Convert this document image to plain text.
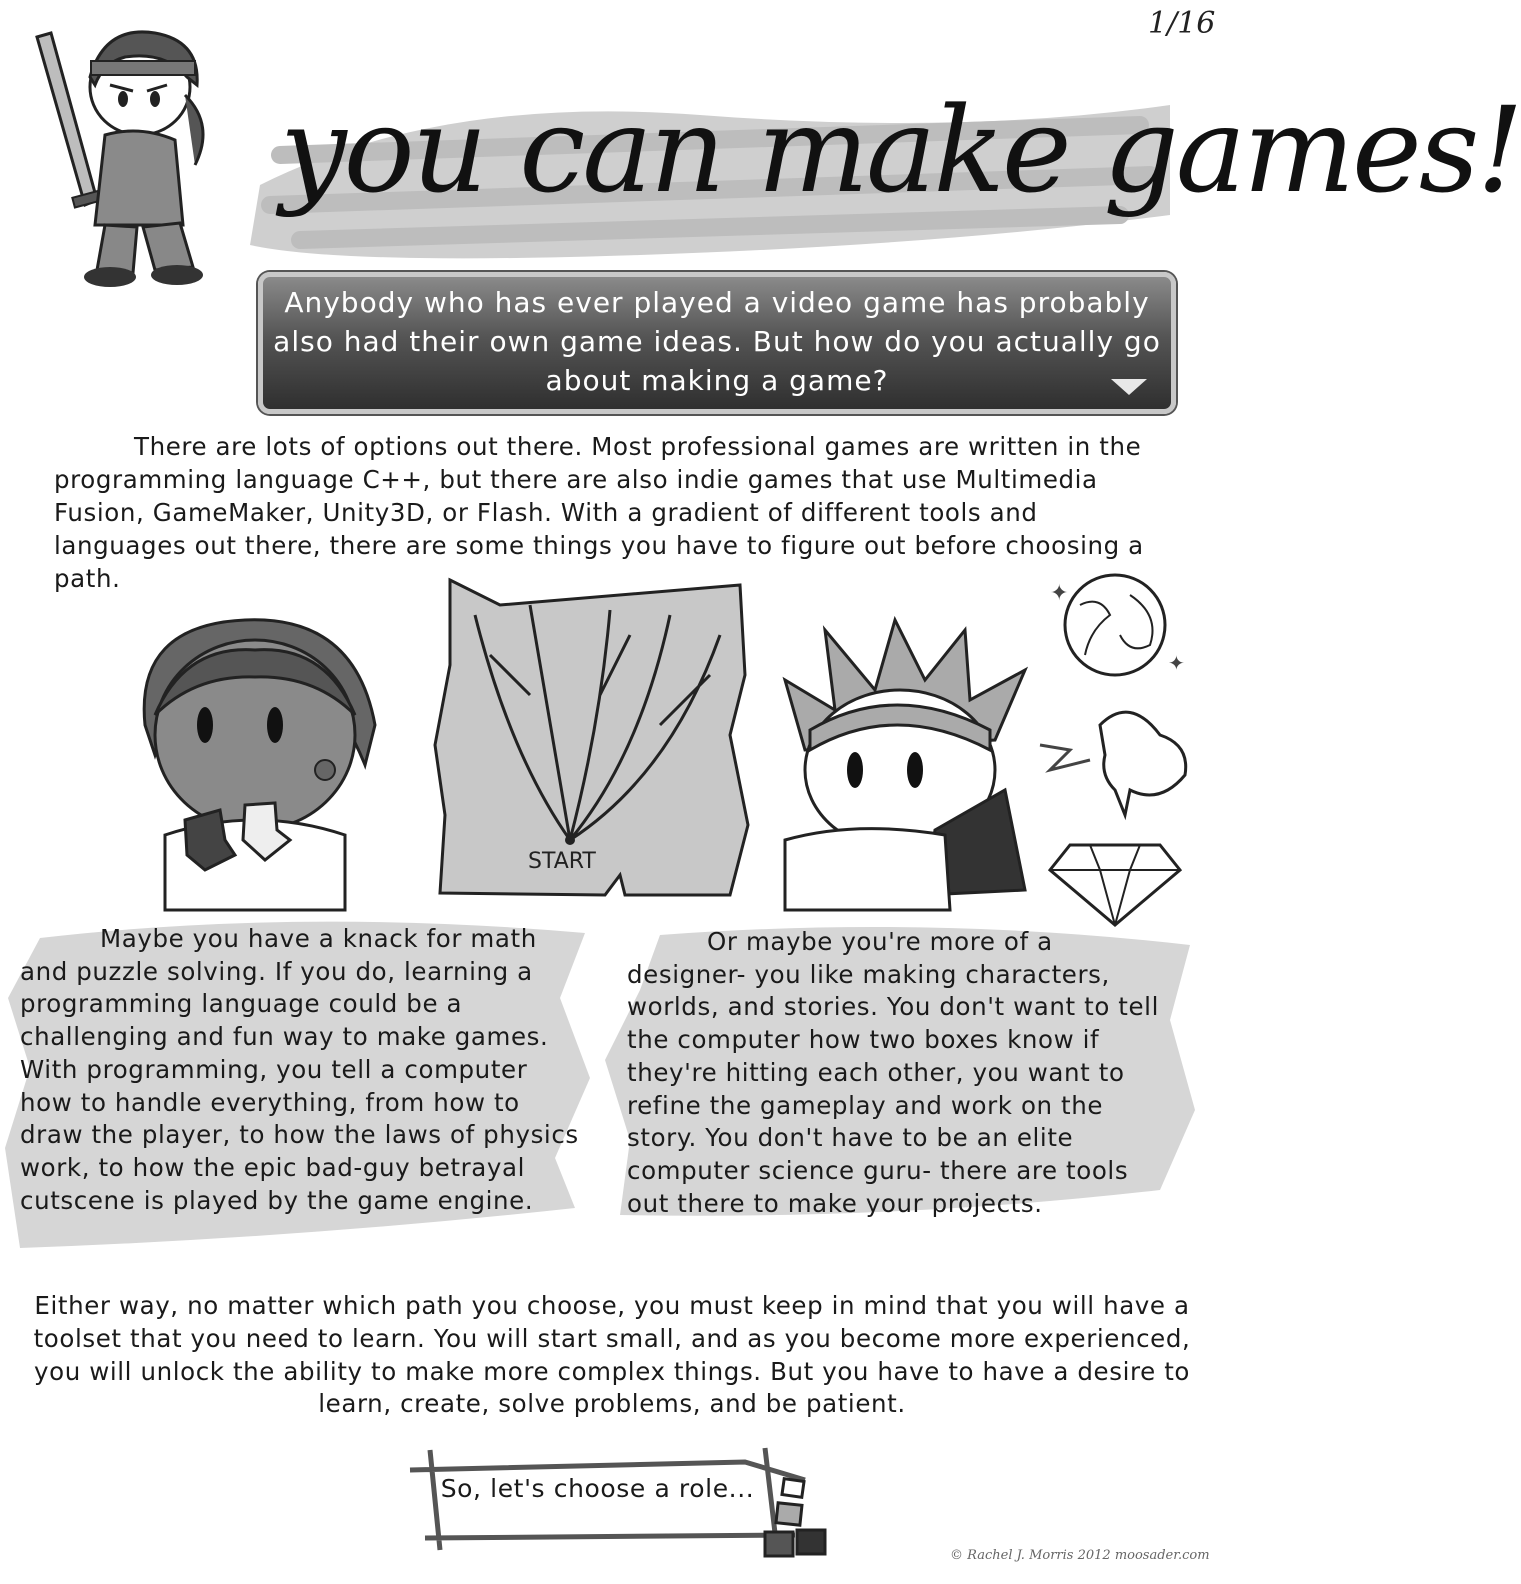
1/16
you can make games!
Anybody who has ever played a video game has probably also had their own game ideas. But how do you actually go about making a game?
There are lots of options out there. Most professional games are written in the programming language C++, but there are also indie games that use Multimedia Fusion, GameMaker, Unity3D, or Flash. With a gradient of different tools and languages out there, there are some things you have to figure out before choosing a path.
START
✦
✦
Maybe you have a knack for math and puzzle solving. If you do, learning a programming language could be a challenging and fun way to make games. With programming, you tell a computer how to handle everything, from how to draw the player, to how the laws of physics work, to how the epic bad-guy betrayal cutscene is played by the game engine.
Or maybe you're more of a designer- you like making characters, worlds, and stories. You don't want to tell the computer how two boxes know if they're hitting each other, you want to refine the gameplay and work on the story. You don't have to be an elite computer science guru- there are tools out there to make your projects.
Either way, no matter which path you choose, you must keep in mind that you will have a toolset that you need to learn. You will start small, and as you become more experienced, you will unlock the ability to make more complex things. But you have to have a desire to learn, create, solve problems, and be patient.
So, let's choose a role...
© Rachel J. Morris 2012 moosader.com
